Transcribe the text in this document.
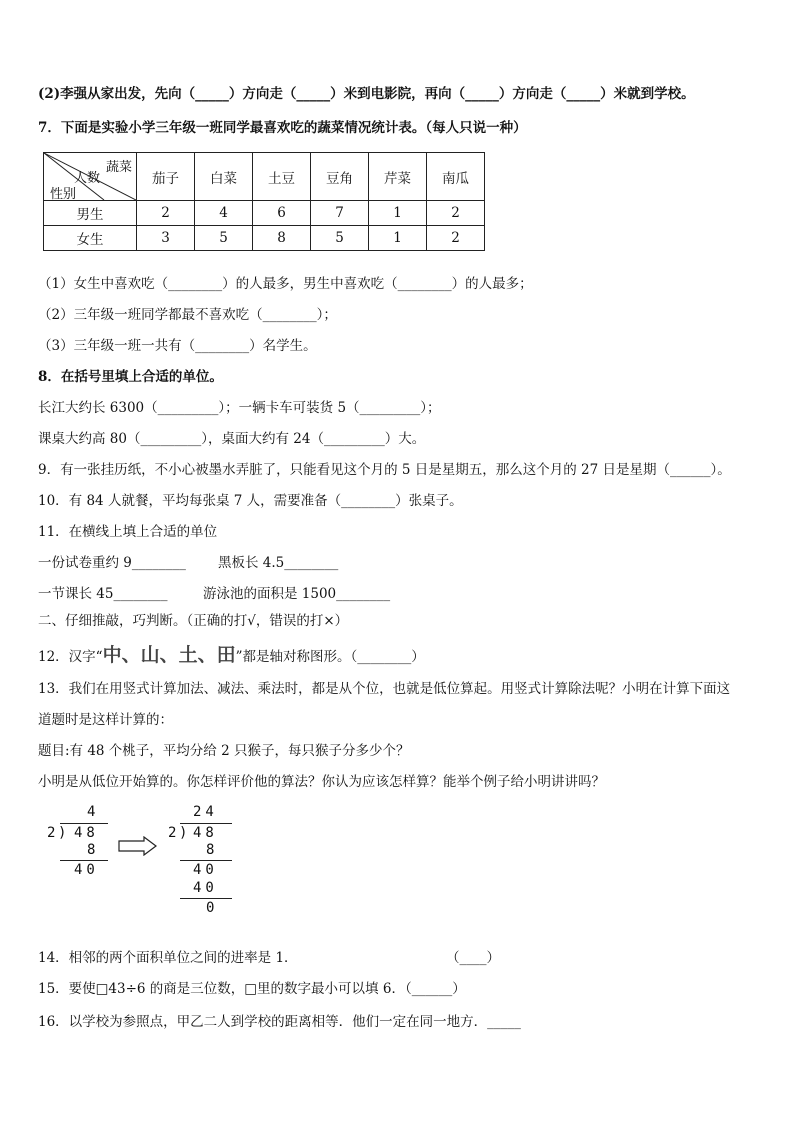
(2)李强从家出发，先向（_____）方向走（_____）米到电影院，再向（_____）方向走（_____）米就到学校。
7．下面是实验小学三年级一班同学最喜欢吃的蔬菜情况统计表。（每人只说一种）
蔬菜
人数
性别	茄子	白菜	土豆	豆角	芹菜	南瓜
男生	2	4	6	7	1	2
女生	3	5	8	5	1	2
（1）女生中喜欢吃（________）的人最多，男生中喜欢吃（________）的人最多；
（2）三年级一班同学都最不喜欢吃（________）；
（3）三年级一班一共有（________）名学生。
8．在括号里填上合适的单位。
长江大约长 6300（_________）；一辆卡车可装货 5（_________）；
课桌大约高 80（_________），桌面大约有 24（_________）大。
9．有一张挂历纸，不小心被墨水弄脏了，只能看见这个月的 5 日是星期五，那么这个月的 27 日是星期（______）。
10．有 84 人就餐，平均每张桌 7 人，需要准备（________）张桌子。
11．在横线上填上合适的单位
一份试卷重约 9________ 黑板长 4.5________
一节课长 45________	游泳池的面积是 1500________
二、仔细推敲，巧判断。（正确的打√，错误的打×）
12．汉字“中、山、土、田”都是轴对称图形。（________）
13．我们在用竖式计算加法、减法、乘法时，都是从个位，也就是低位算起。用竖式计算除法呢？小明在计算下面这
道题时是这样计算的：
题目:有 48 个桃子，平均分给 2 只猴子，每只猴子分多少个？
小明是从低位开始算的。你怎样评价他的算法？你认为应该怎样算？能举个例子给小明讲讲吗？
4
2 ) 48
8
40
24
2 ) 48
8
40
40
0
14．相邻的两个面积单位之间的进率是 1．	（____）
15．要使□43÷6 的商是三位数，□里的数字最小可以填 6．（______）
16．以学校为参照点，甲乙二人到学校的距离相等．他们一定在同一地方．_____
